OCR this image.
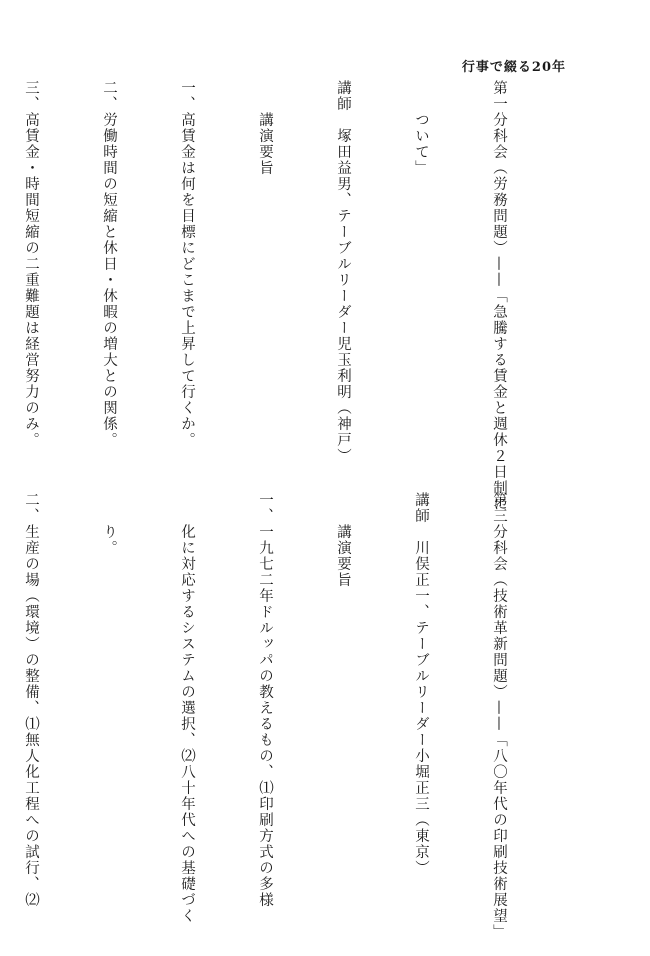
行事で綴る20年

第一分科会（労務問題）——「急騰する賃金と週休２日制に

　　ついて」

講師　塚田益男、テーブルリーダー児玉利明（神戸）

　　講演要旨

一、高賃金は何を目標にどこまで上昇して行くか。

二、労働時間の短縮と休日・休暇の増大との関係。

三、高賃金・時間短縮の二重難題は経営努力のみ。

第三分科会（技術革新問題）——「八〇年代の印刷技術展望」

講師　川俣正一、テーブルリーダー小堀正三（東京）

　　講演要旨

一、一九七二年ドルッパの教えるもの、⑴印刷方式の多様

　　化に対応するシステムの選択、⑵八十年代への基礎づく

　　り。

二、生産の場（環境）の整備、⑴無人化工程への試行、⑵
